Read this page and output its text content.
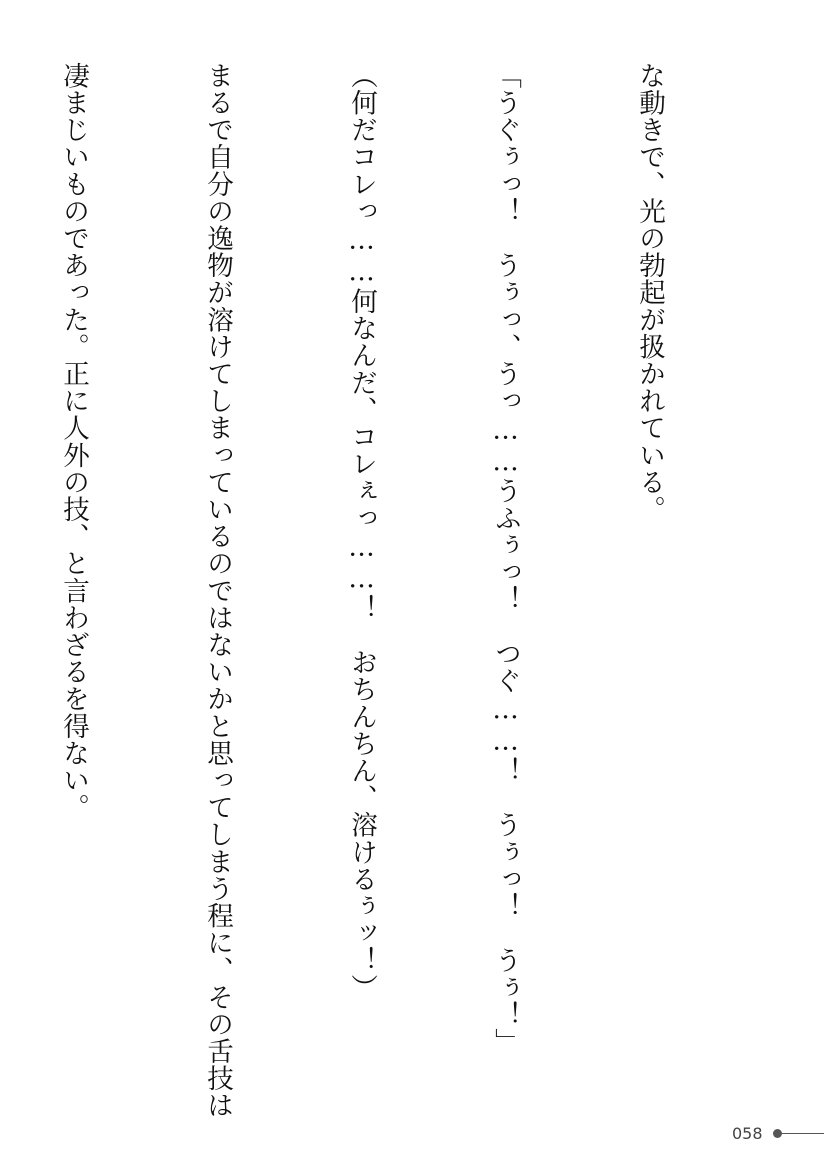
な動きで、光の勃起が扱かれている。

「うぐぅっ！　うぅっ、うっ……うふぅっ！　つぐ……！　うぅっ！　うぅ！」

（何だコレっ……何なんだ、コレぇっ……！　おちんちん、溶けるぅッ！）

まるで自分の逸物が溶けてしまっているのではないかと思ってしまう程に、その舌技は

凄まじいものであった。正に人外の技、と言わざるを得ない。

058
